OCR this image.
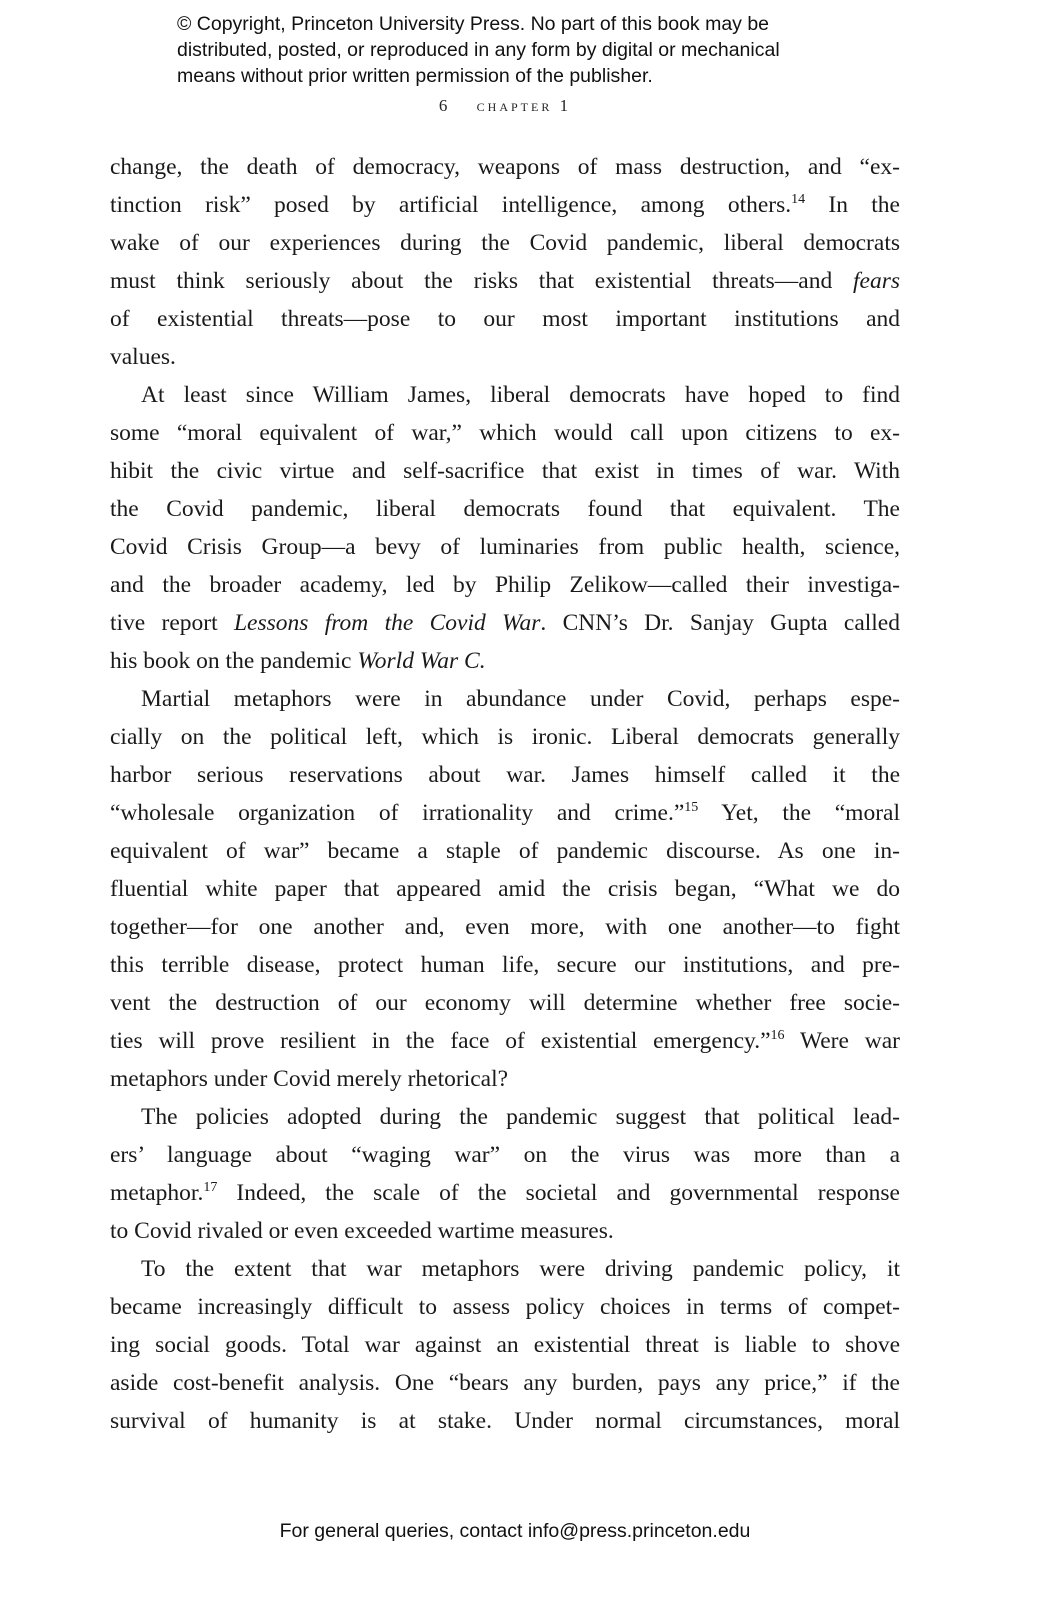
© Copyright, Princeton University Press. No part of this book may be
distributed, posted, or reproduced in any form by digital or mechanical
means without prior written permission of the publisher.
6 chapter 1
change, the death of democracy, weapons of mass destruction, and “ex-
tinction risk” posed by artificial intelligence, among others.$^{14}$ In the
wake of our experiences during the Covid pandemic, liberal democrats
must think seriously about the risks that existential threats—and fears
of existential threats—pose to our most important institutions and
values.
At least since William James, liberal democrats have hoped to find
some “moral equivalent of war,” which would call upon citizens to ex-
hibit the civic virtue and self-sacrifice that exist in times of war. With
the Covid pandemic, liberal democrats found that equivalent. The
Covid Crisis Group—a bevy of luminaries from public health, science,
and the broader academy, led by Philip Zelikow—called their investiga-
tive report Lessons from the Covid War. CNN’s Dr. Sanjay Gupta called
his book on the pandemic World War C.
Martial metaphors were in abundance under Covid, perhaps espe-
cially on the political left, which is ironic. Liberal democrats generally
harbor serious reservations about war. James himself called it the
“wholesale organization of irrationality and crime.”$^{15}$ Yet, the “moral
equivalent of war” became a staple of pandemic discourse. As one in-
fluential white paper that appeared amid the crisis began, “What we do
together—for one another and, even more, with one another—to fight
this terrible disease, protect human life, secure our institutions, and pre-
vent the destruction of our economy will determine whether free socie-
ties will prove resilient in the face of existential emergency.”$^{16}$ Were war
metaphors under Covid merely rhetorical?
The policies adopted during the pandemic suggest that political lead-
ers’ language about “waging war” on the virus was more than a
metaphor.$^{17}$ Indeed, the scale of the societal and governmental response
to Covid rivaled or even exceeded wartime measures.
To the extent that war metaphors were driving pandemic policy, it
became increasingly difficult to assess policy choices in terms of compet-
ing social goods. Total war against an existential threat is liable to shove
aside cost-benefit analysis. One “bears any burden, pays any price,” if the
survival of humanity is at stake. Under normal circumstances, moral
For general queries, contact info@press.princeton.edu
